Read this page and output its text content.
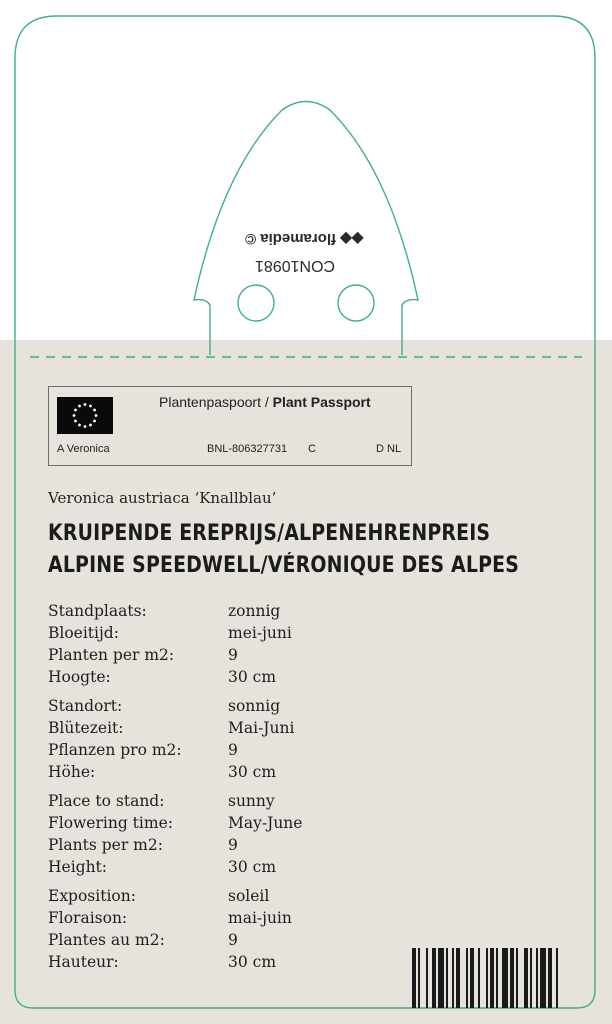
◆◆ floramedia ©
CON10981
Plantenpaspoort / Plant Passport
A Veronica	BNL-806327731 C	D NL
Veronica austriaca ‘Knallblau’
KRUIPENDE EREPRIJS/ALPENEHRENPREIS
ALPINE SPEEDWELL/VÉRONIQUE DES ALPES
Standplaats:	zonnig
Bloeitijd:	mei-juni
Planten per m2:	9
Hoogte:	30 cm
Standort:	sonnig
Blütezeit:	Mai-Juni
Pflanzen pro m2:	9
Höhe:	30 cm
Place to stand:	sunny
Flowering time:	May-June
Plants per m2:	9
Height:	30 cm
Exposition:	soleil
Floraison:	mai-juin
Plantes au m2:	9
Hauteur:	30 cm
